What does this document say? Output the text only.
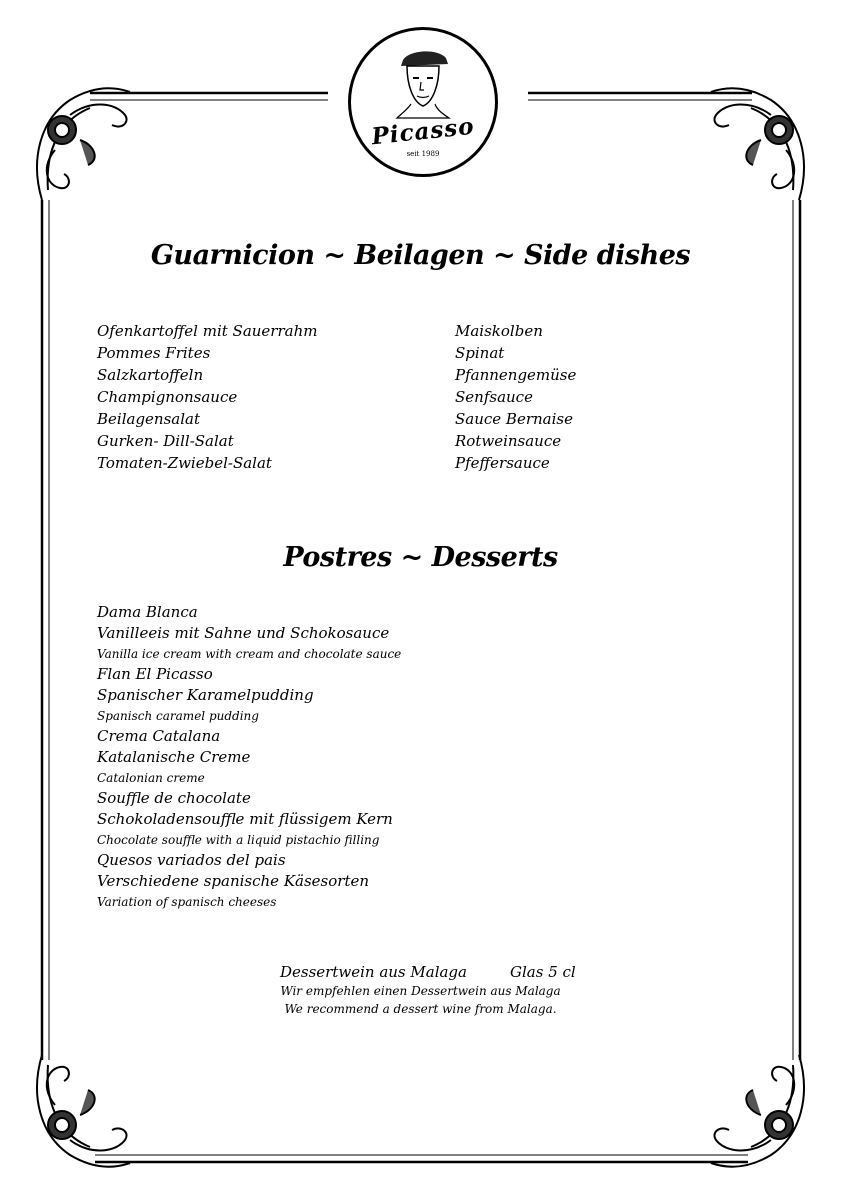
Picasso
seit 1989
Guarnicion ~ Beilagen ~ Side dishes
Ofenkartoffel mit Sauerrahm
Pommes Frites
Salzkartoffeln
Champignonsauce
Beilagensalat
Gurken- Dill-Salat
Tomaten-Zwiebel-Salat
Maiskolben
Spinat
Pfannengemüse
Senfsauce
Sauce Bernaise
Rotweinsauce
Pfeffersauce
Postres ~ Desserts
Dama Blanca
Vanilleeis mit Sahne und Schokosauce
Vanilla ice cream with cream and chocolate sauce
Flan El Picasso
Spanischer Karamelpudding
Spanisch caramel pudding
Crema Catalana
Katalanische Creme
Catalonian creme
Souffle de chocolate
Schokoladensouffle mit flüssigem Kern
Chocolate souffle with a liquid pistachio filling
Quesos variados del pais
Verschiedene spanische Käsesorten
Variation of spanisch cheeses
Dessertwein aus Malaga	Glas 5 cl
Wir empfehlen einen Dessertwein aus Malaga
We recommend a dessert wine from Malaga.
